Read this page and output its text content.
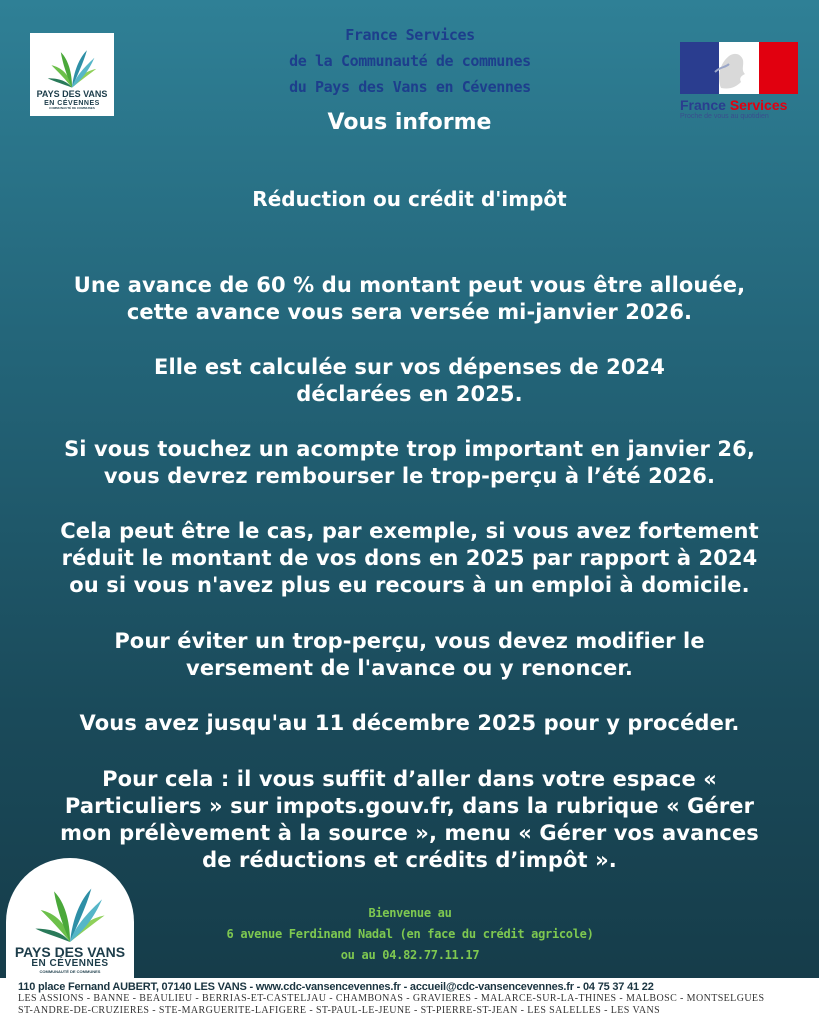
PAYS DES VANS
EN CÉVENNES
COMMUNAUTÉ DE COMMUNES
France Services
de la Communauté de communes
du Pays des Vans en Cévennes
Vous informe
France Services
Proche de vous au quotidien
Réduction ou crédit d'impôt
Une avance de 60 % du montant peut vous être allouée,
cette avance vous sera versée mi-janvier 2026.
Elle est calculée sur vos dépenses de 2024
déclarées en 2025.
Si vous touchez un acompte trop important en janvier 26,
vous devrez rembourser le trop-perçu à l’été 2026.
Cela peut être le cas, par exemple, si vous avez fortement
réduit le montant de vos dons en 2025 par rapport à 2024
ou si vous n'avez plus eu recours à un emploi à domicile.
Pour éviter un trop-perçu, vous devez modifier le
versement de l'avance ou y renoncer.
Vous avez jusqu'au 11 décembre 2025 pour y procéder.
Pour cela : il vous suffit d’aller dans votre espace «
Particuliers » sur impots.gouv.fr, dans la rubrique « Gérer
mon prélèvement à la source », menu « Gérer vos avances
de réductions et crédits d’impôt ».
PAYS DES VANS
EN CÉVENNES
COMMUNAUTÉ DE COMMUNES
Bienvenue au
6 avenue Ferdinand Nadal (en face du crédit agricole)
ou au 04.82.77.11.17
110 place Fernand AUBERT, 07140 LES VANS - www.cdc-vansencevennes.fr - accueil@cdc-vansencevennes.fr - 04 75 37 41 22
LES ASSIONS - BANNE - BEAULIEU - BERRIAS-ET-CASTELJAU - CHAMBONAS - GRAVIERES - MALARCE-SUR-LA-THINES - MALBOSC - MONTSELGUES
ST-ANDRE-DE-CRUZIERES - STE-MARGUERITE-LAFIGERE - ST-PAUL-LE-JEUNE - ST-PIERRE-ST-JEAN - LES SALELLES - LES VANS
